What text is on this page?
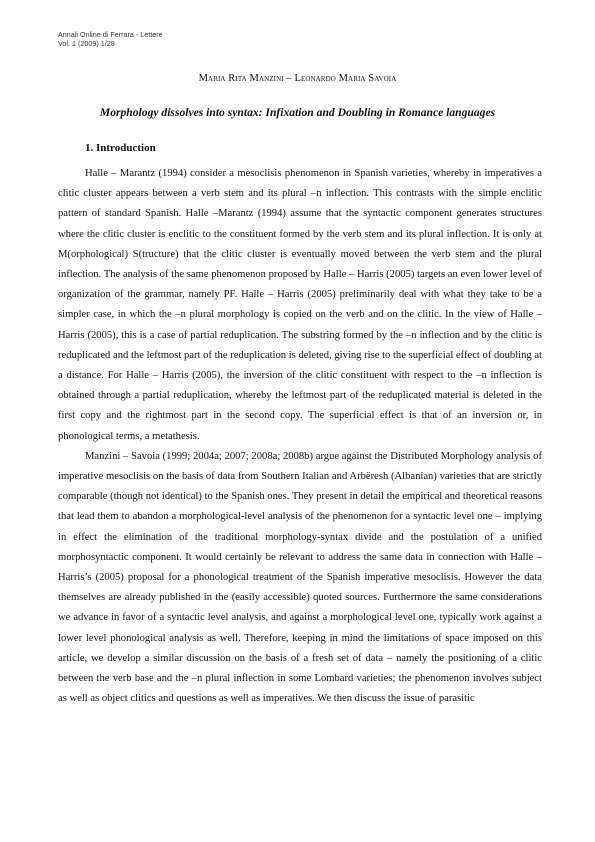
Annali Online di Ferrara - Lettere
Vol. 1 (2009) 1/28
Maria Rita Manzini – Leonardo Maria Savoia
Morphology dissolves into syntax: Infixation and Doubling in Romance languages
1. Introduction

Halle – Marantz (1994) consider a mesoclisis phenomenon in Spanish varieties, whereby in imperatives a clitic cluster appears between a verb stem and its plural –n inflection. This contrasts with the simple enclitic pattern of standard Spanish. Halle –Marantz (1994) assume that the syntactic component generates structures where the clitic cluster is enclitic to the constituent formed by the verb stem and its plural inflection. It is only at M(orphological) S(tructure) that the clitic cluster is eventually moved between the verb stem and the plural inflection. The analysis of the same phenomenon proposed by Halle – Harris (2005) targets an even lower level of organization of the grammar, namely PF. Halle – Harris (2005) preliminarily deal with what they take to be a simpler case, in which the –n plural morphology is copied on the verb and on the clitic. In the view of Halle – Harris (2005), this is a case of partial reduplication. The substring formed by the –n inflection and by the clitic is reduplicated and the leftmost part of the reduplication is deleted, giving rise to the superficial effect of doubling at a distance. For Halle – Harris (2005), the inversion of the clitic constituent with respect to the –n inflection is obtained through a partial reduplication, whereby the leftmost part of the reduplicated material is deleted in the first copy and the rightmost part in the second copy. The superficial effect is that of an inversion or, in phonological terms, a metathesis.

Manzini – Savoia (1999; 2004a; 2007; 2008a; 2008b) argue against the Distributed Morphology analysis of imperative mesoclisis on the basis of data from Southern Italian and Arbëresh (Albanian) varieties that are strictly comparable (though not identical) to the Spanish ones. They present in detail the empirical and theoretical reasons that lead them to abandon a morphological-level analysis of the phenomenon for a syntactic level one – implying in effect the elimination of the traditional morphology-syntax divide and the postulation of a unified morphosyntactic component. It would certainly be relevant to address the same data in connection with Halle – Harris’s (2005) proposal for a phonological treatment of the Spanish imperative mesoclisis. However the data themselves are already published in the (easily accessible) quoted sources. Furthermore the same considerations we advance in favor of a syntactic level analysis, and against a morphological level one, typically work against a lower level phonological analysis as well. Therefore, keeping in mind the limitations of space imposed on this article, we develop a similar discussion on the basis of a fresh set of data – namely the positioning of a clitic between the verb base and the –n plural inflection in some Lombard varieties; the phenomenon involves subject as well as object clitics and questions as well as imperatives. We then discuss the issue of parasitic
